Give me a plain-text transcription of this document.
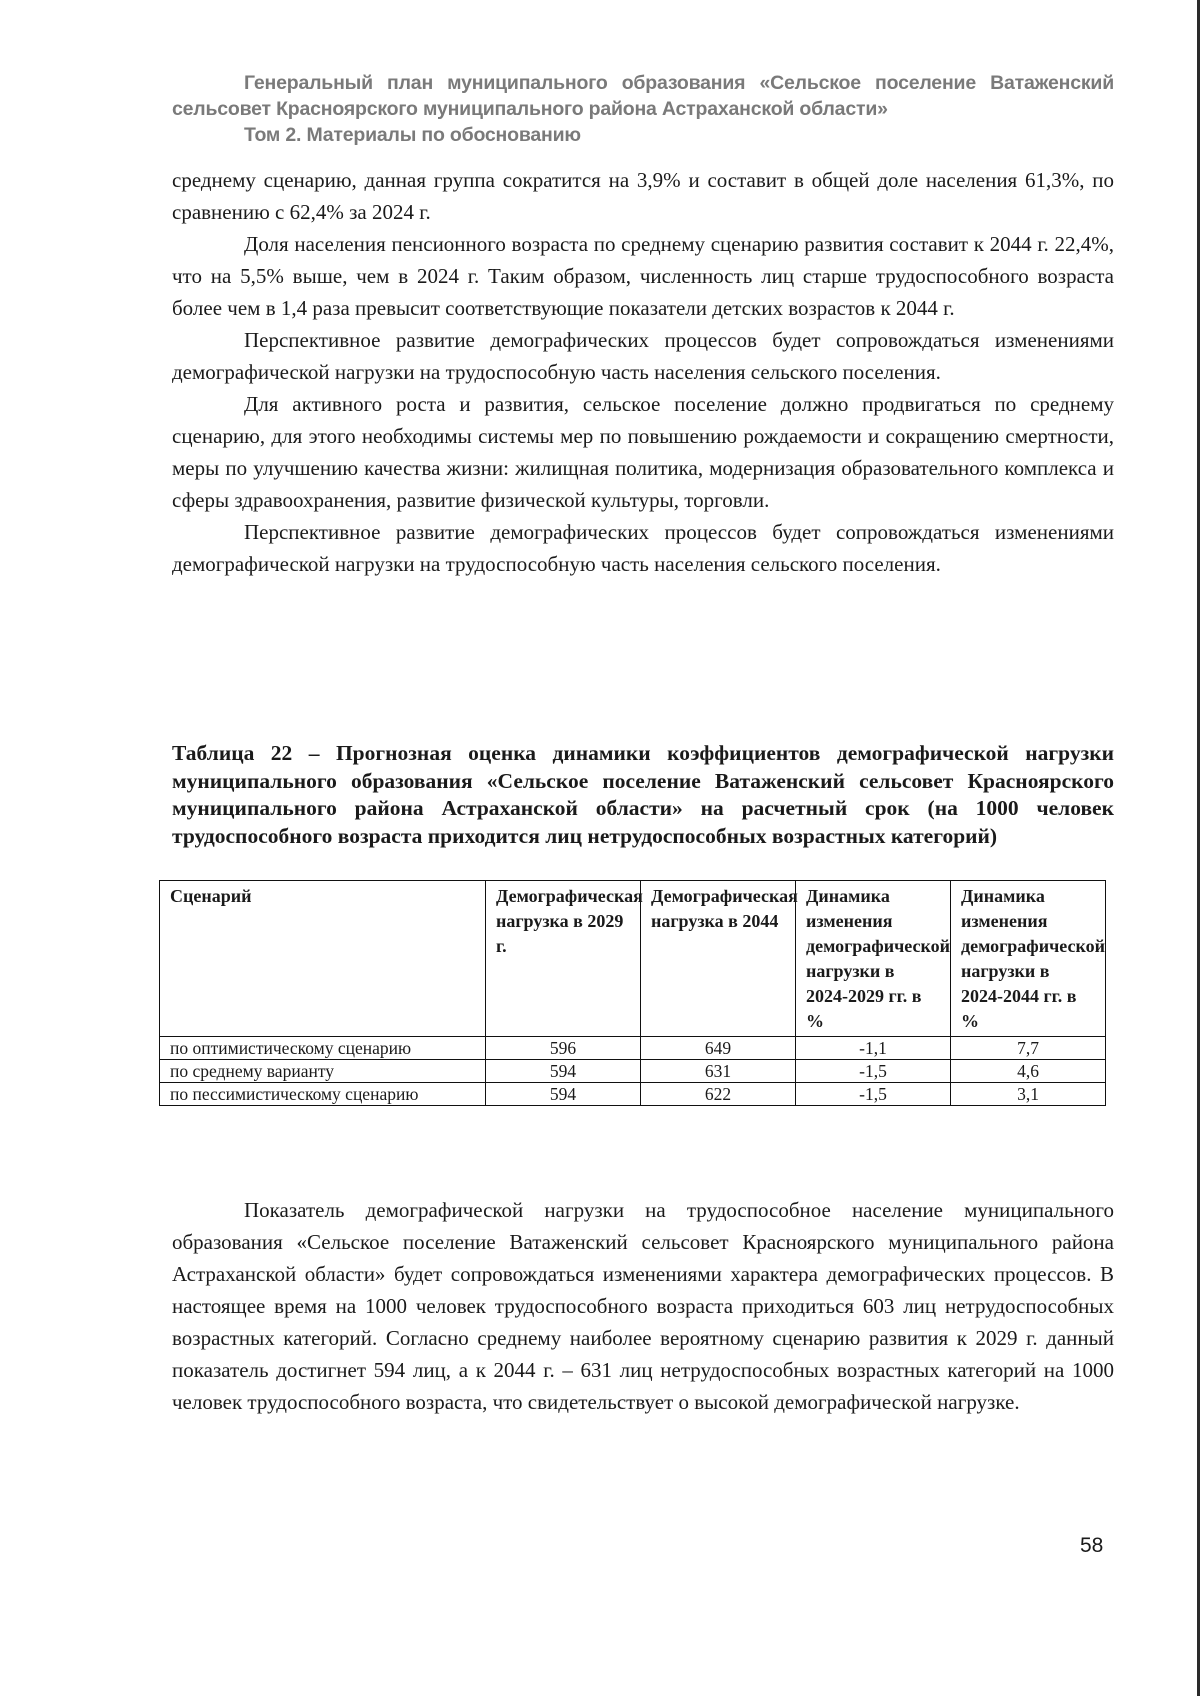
Генеральный план муниципального образования «Сельское поселение Ватаженский
сельсовет Красноярского муниципального района Астраханской области»
Том 2. Материалы по обоснованию

среднему сценарию, данная группа сократится на 3,9% и составит в общей доле населения 61,3%, по сравнению с 62,4% за 2024 г.

Доля населения пенсионного возраста по среднему сценарию развития составит к 2044 г. 22,4%, что на 5,5% выше, чем в 2024 г. Таким образом, численность лиц старше трудоспособного возраста более чем в 1,4 раза превысит соответствующие показатели детских возрастов к 2044 г.

Перспективное развитие демографических процессов будет сопровождаться изменениями демографической нагрузки на трудоспособную часть населения сельского поселения.

Для активного роста и развития, сельское поселение должно продвигаться по среднему сценарию, для этого необходимы системы мер по повышению рождаемости и сокращению смертности, меры по улучшению качества жизни: жилищная политика, модернизация образовательного комплекса и сферы здравоохранения, развитие физической культуры, торговли.

Перспективное развитие демографических процессов будет сопровождаться изменениями демографической нагрузки на трудоспособную часть населения сельского поселения.

Таблица 22 – Прогнозная оценка динамики коэффициентов демографической нагрузки муниципального образования «Сельское поселение Ватаженский сельсовет Красноярского муниципального района Астраханской области» на расчетный срок (на 1000 человек трудоспособного возраста приходится лиц нетрудоспособных возрастных категорий)
Сценарий	Демографическая нагрузка в 2029 г.	Демографическая нагрузка в 2044	Динамика изменения демографической нагрузки в 2024-2029 гг. в %	Динамика изменения демографической нагрузки в 2024-2044 гг. в %
по оптимистическому сценарию	596	649	-1,1	7,7
по среднему варианту	594	631	-1,5	4,6
по пессимистическому сценарию	594	622	-1,5	3,1

Показатель демографической нагрузки на трудоспособное население муниципального образования «Сельское поселение Ватаженский сельсовет Красноярского муниципального района Астраханской области» будет сопровождаться изменениями характера демографических процессов. В настоящее время на 1000 человек трудоспособного возраста приходиться 603 лиц нетрудоспособных возрастных категорий. Согласно среднему наиболее вероятному сценарию развития к 2029 г. данный показатель достигнет 594 лиц, а к 2044 г. – 631 лиц нетрудоспособных возрастных категорий на 1000 человек трудоспособного возраста, что свидетельствует о высокой демографической нагрузке.

58
